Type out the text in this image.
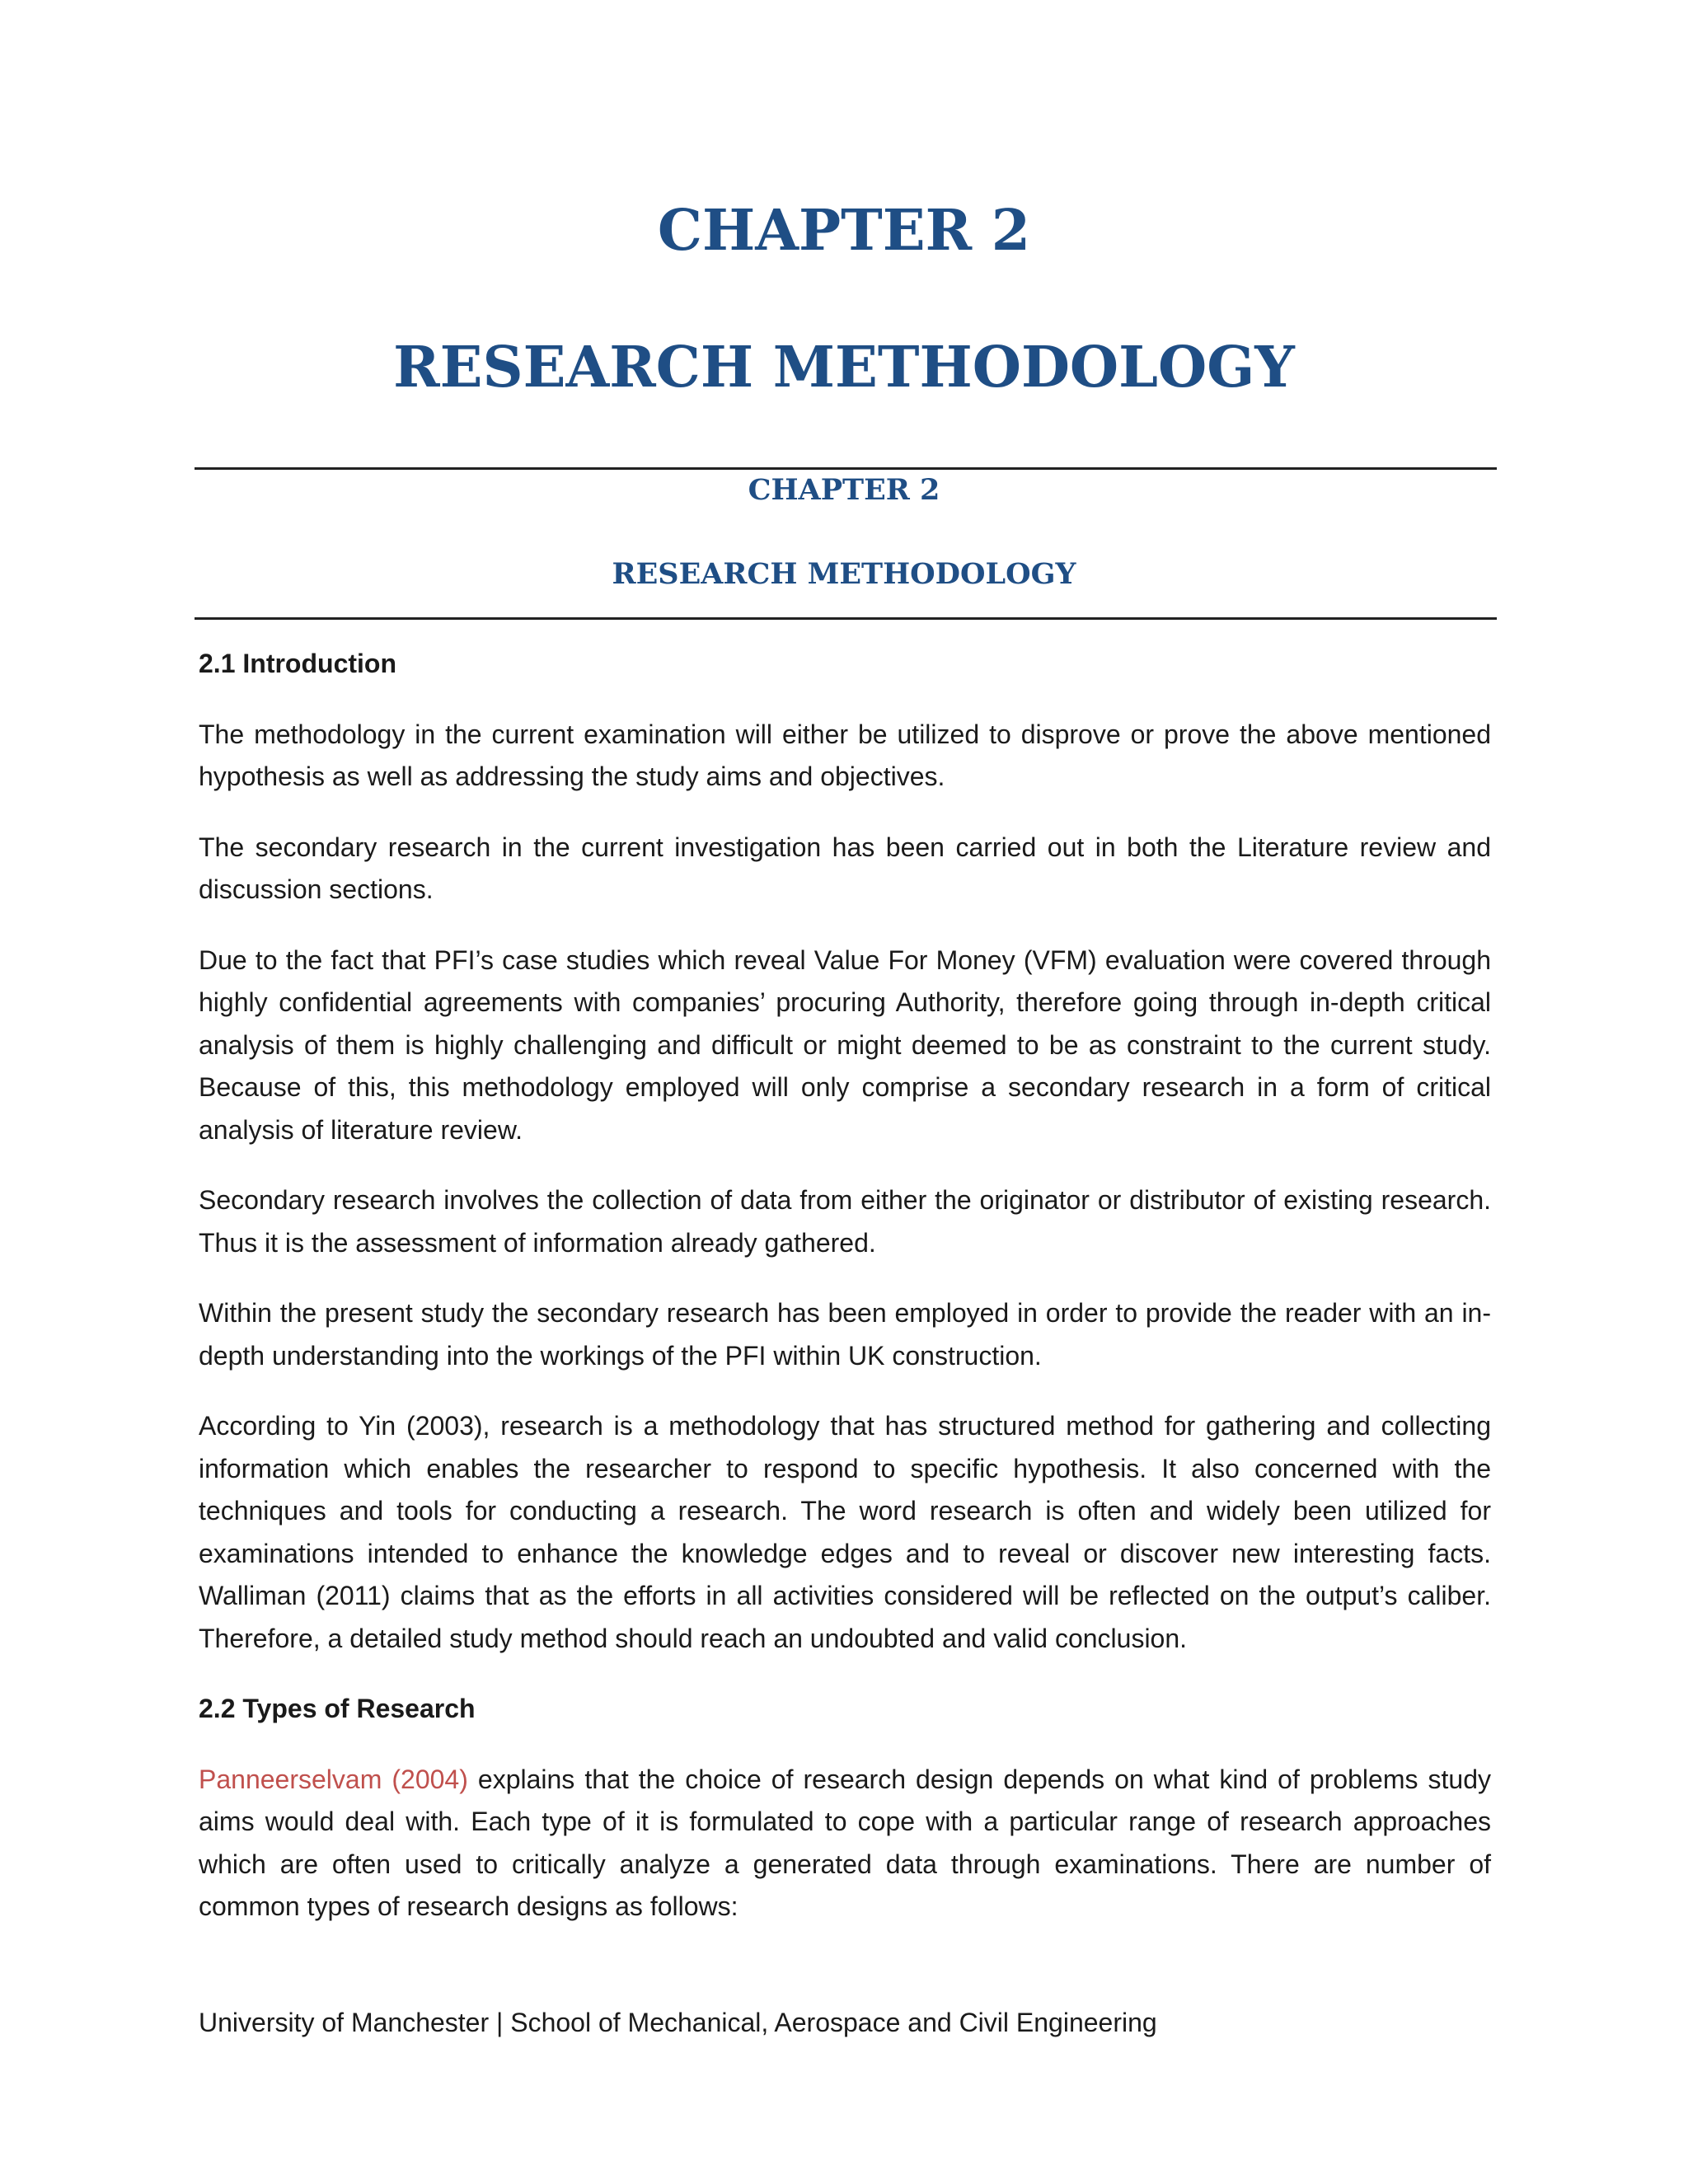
CHAPTER 2
RESEARCH METHODOLOGY
CHAPTER 2
RESEARCH METHODOLOGY
2.1 Introduction

The methodology in the current examination will either be utilized to disprove or prove the above mentioned hypothesis as well as addressing the study aims and objectives.

The secondary research in the current investigation has been carried out in both the Literature review and discussion sections.

Due to the fact that PFI’s case studies which reveal Value For Money (VFM) evaluation were covered through highly confidential agreements with companies’ procuring Authority, therefore going through in-depth critical analysis of them is highly challenging and difficult or might deemed to be as constraint to the current study. Because of this, this methodology employed will only comprise a secondary research in a form of critical analysis of literature review.

Secondary research involves the collection of data from either the originator or distributor of existing research. Thus it is the assessment of information already gathered.

Within the present study the secondary research has been employed in order to provide the reader with an in-depth understanding into the workings of the PFI within UK construction.

According to Yin (2003), research is a methodology that has structured method for gathering and collecting information which enables the researcher to respond to specific hypothesis. It also concerned with the techniques and tools for conducting a research. The word research is often and widely been utilized for examinations intended to enhance the knowledge edges and to reveal or discover new interesting facts. Walliman (2011) claims that as the efforts in all activities considered will be reflected on the output’s caliber. Therefore, a detailed study method should reach an undoubted and valid conclusion.

2.2 Types of Research

Panneerselvam (2004) explains that the choice of research design depends on what kind of problems study aims would deal with. Each type of it is formulated to cope with a particular range of research approaches which are often used to critically analyze a generated data through examinations. There are number of common types of research designs as follows:

University of Manchester | School of Mechanical, Aerospace and Civil Engineering
